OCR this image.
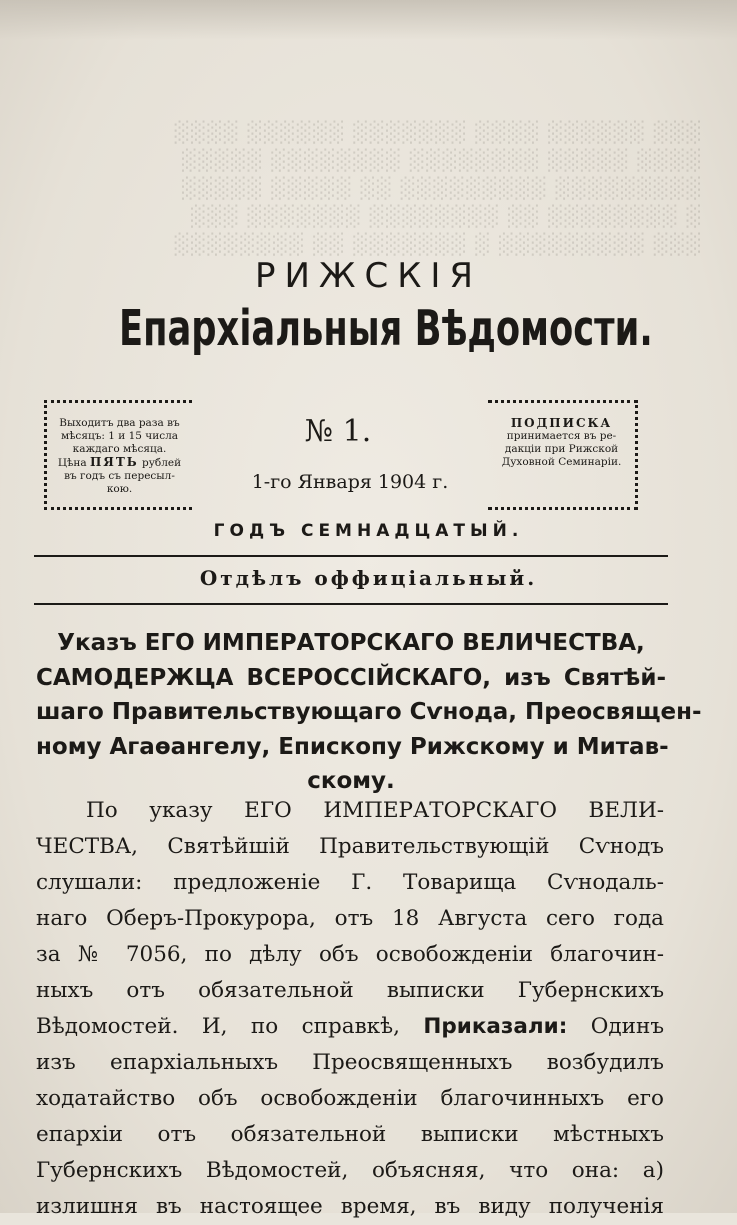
░░░ ░░░░░░ ░░░░ ░░░░░░░ ░░░░░░ ░░░░
░░░░ ░░░░░ ░░░░░░░░ ░░░░░░░░ ░░░░░
░░░░░░░░░ ░░░░░░░░░ ░░ ░░░░░ ░░░░░
░ ░░░░░░░░ ░░ ░░░░░░░░ ░░░░░░░ ░░░
░░░ ░░░░░░░░░ ░ ░░░░░░░ ░░ ░░░░░░░░
РИЖСКІЯ
Епархіальныя Вѣдомости.
Выходитъ два раза въ
мѣсяцъ: 1 и 15 числа
каждаго мѣсяца.
Цѣна ПЯТЬ рублей
въ годъ съ пересыл-
кою.
№ 1.
1-го Января 1904 г.
ПОДПИСКА
принимается въ ре-
дакціи при Рижской
Духовной Семинаріи.
ГОДЪ СЕМНАДЦАТЫЙ.
Отдѣлъ оффиціальный.
Указъ ЕГО ИМПЕРАТОРСКАГО ВЕЛИЧЕСТВА,
САМОДЕРЖЦА ВСЕРОССІЙСКАГО, изъ Святѣй-
шаго Правительствующаго Сѵнода, Преосвящен-
ному Агаѳангелу, Епископу Рижскому и Митав-
скому.
По указу ЕГО ИМПЕРАТОРСКАГО ВЕЛИ-
ЧЕСТВА, Святѣйшій Правительствующій Сѵнодъ
слушали: предложеніе Г. Товарища Сѵнодаль-
наго Оберъ-Прокурора, отъ 18 Августа сего года
за № 7056, по дѣлу объ освобожденіи благочин-
ныхъ отъ обязательной выписки Губернскихъ
Вѣдомостей. И, по справкѣ, Приказали: Одинъ
изъ епархіальныхъ Преосвященныхъ возбудилъ
ходатайство объ освобожденіи благочинныхъ его
епархіи отъ обязательной выписки мѣстныхъ
Губернскихъ Вѣдомостей, объясняя, что она: а)
излишня въ настоящее время, въ виду полученія
